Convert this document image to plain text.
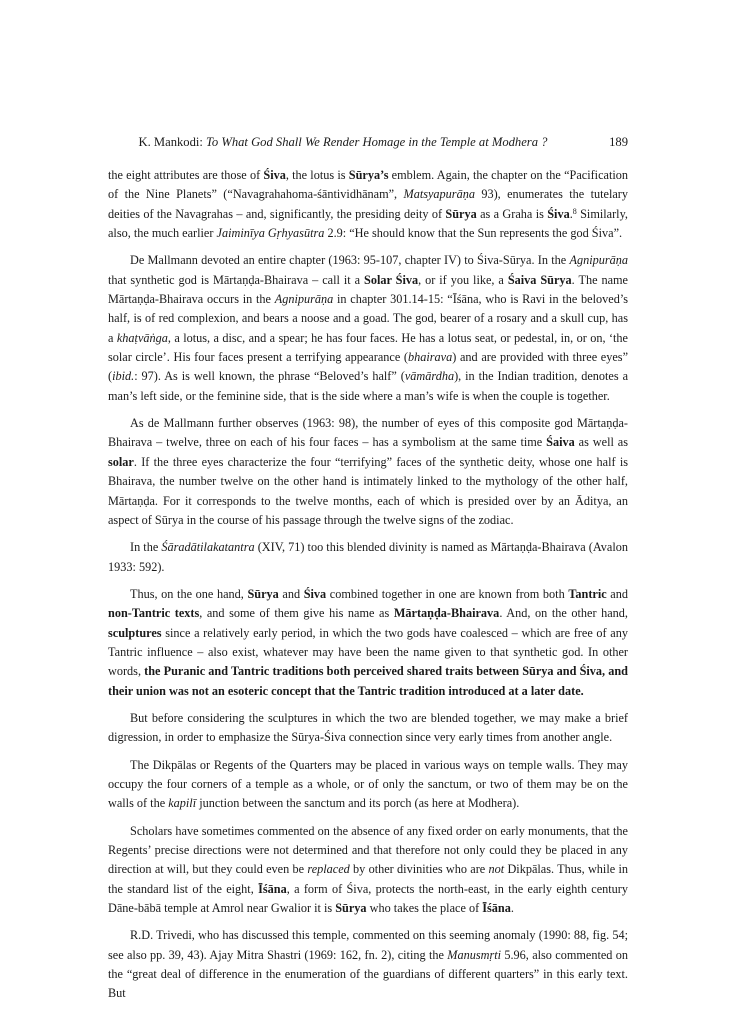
K. Mankodi: To What God Shall We Render Homage in the Temple at Modhera ?	189

the eight attributes are those of Śiva, the lotus is Sūrya’s emblem. Again, the chapter on the “Pacification of the Nine Planets” (“Navagrahahoma-śāntividhānam”, Matsyapurāṇa 93), enumerates the tutelary deities of the Navagrahas – and, significantly, the presiding deity of Sūrya as a Graha is Śiva.$^8$ Similarly, also, the much earlier Jaiminīya Gṛhyasūtra 2.9: “He should know that the Sun represents the god Śiva”.

De Mallmann devoted an entire chapter (1963: 95-107, chapter IV) to Śiva-Sūrya. In the Agnipurāṇa that synthetic god is Mārtaṇḍa-Bhairava – call it a Solar Śiva, or if you like, a Śaiva Sūrya. The name Mārtaṇḍa-Bhairava occurs in the Agnipurāṇa in chapter 301.14-15: “Īśāna, who is Ravi in the beloved’s half, is of red complexion, and bears a noose and a goad. The god, bearer of a rosary and a skull cup, has a khaṭvāṅga, a lotus, a disc, and a spear; he has four faces. He has a lotus seat, or pedestal, in, or on, ‘the solar circle’. His four faces present a terrifying appearance (bhairava) and are provided with three eyes” (ibid.: 97). As is well known, the phrase “Beloved’s half” (vāmārdha), in the Indian tradition, denotes a man’s left side, or the feminine side, that is the side where a man’s wife is when the couple is together.

As de Mallmann further observes (1963: 98), the number of eyes of this composite god Mārtaṇḍa-Bhairava – twelve, three on each of his four faces – has a symbolism at the same time Śaiva as well as solar. If the three eyes characterize the four “terrifying” faces of the synthetic deity, whose one half is Bhairava, the number twelve on the other hand is intimately linked to the mythology of the other half, Mārtaṇḍa. For it corresponds to the twelve months, each of which is presided over by an Āditya, an aspect of Sūrya in the course of his passage through the twelve signs of the zodiac.

In the Śāradātilakatantra (XIV, 71) too this blended divinity is named as Mārtaṇḍa-Bhairava (Avalon 1933: 592).

Thus, on the one hand, Sūrya and Śiva combined together in one are known from both Tantric and non-Tantric texts, and some of them give his name as Mārtaṇḍa-Bhairava. And, on the other hand, sculptures since a relatively early period, in which the two gods have coalesced – which are free of any Tantric influence – also exist, whatever may have been the name given to that synthetic god. In other words, the Puranic and Tantric traditions both perceived shared traits between Sūrya and Śiva, and their union was not an esoteric concept that the Tantric tradition introduced at a later date.

But before considering the sculptures in which the two are blended together, we may make a brief digression, in order to emphasize the Sūrya-Śiva connection since very early times from another angle.

The Dikpālas or Regents of the Quarters may be placed in various ways on temple walls. They may occupy the four corners of a temple as a whole, or of only the sanctum, or two of them may be on the walls of the kapilī junction between the sanctum and its porch (as here at Modhera).

Scholars have sometimes commented on the absence of any fixed order on early monuments, that the Regents’ precise directions were not determined and that therefore not only could they be placed in any direction at will, but they could even be replaced by other divinities who are not Dikpālas. Thus, while in the standard list of the eight, Īśāna, a form of Śiva, protects the north-east, in the early eighth century Dāne-bābā temple at Amrol near Gwalior it is Sūrya who takes the place of Īśāna.

R.D. Trivedi, who has discussed this temple, commented on this seeming anomaly (1990: 88, fig. 54; see also pp. 39, 43). Ajay Mitra Shastri (1969: 162, fn. 2), citing the Manusmṛti 5.96, also commented on the “great deal of difference in the enumeration of the guardians of different quarters” in this early text. But
